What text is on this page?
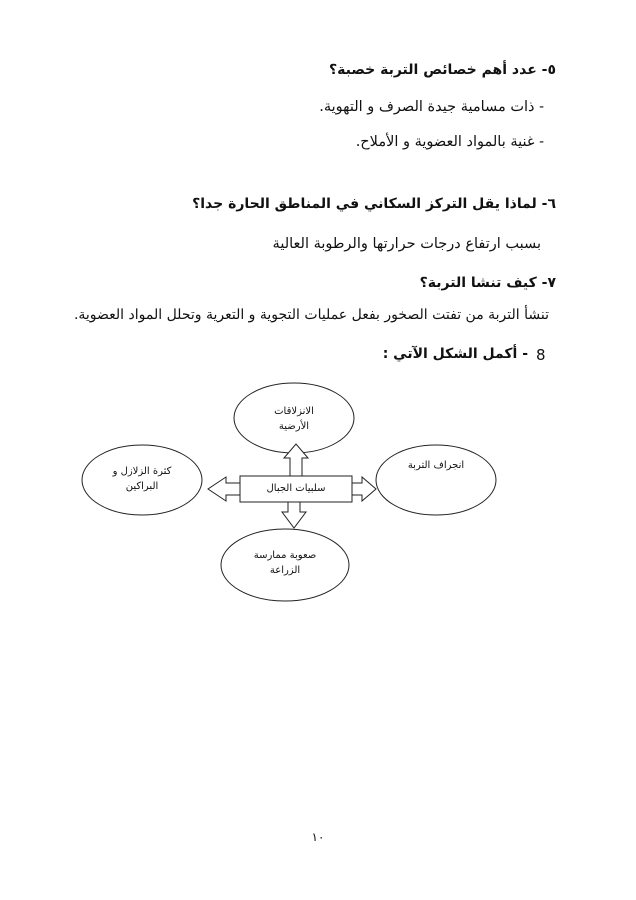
٥- عدد أهم خصائص التربة خصبة؟
- ذات مسامية جيدة الصرف و التهوية.
- غنية بالمواد العضوية و الأملاح.
٦- لماذا يقل التركز السكاني في المناطق الحارة جدا؟
بسبب ارتفاع درجات حرارتها والرطوبة العالية
٧- كيف تنشا التربة؟
تنشأ التربة من تفتت الصخور بفعل عمليات التجوية و التعرية وتحلل المواد العضوية.
8
- أكمل الشكل الآتي :
الانزلاقات
الأرضية
انجراف التربة
كثرة الزلازل و
البراكين
صعوبة ممارسة
الزراعة
سلبيات الجبال
١٠
